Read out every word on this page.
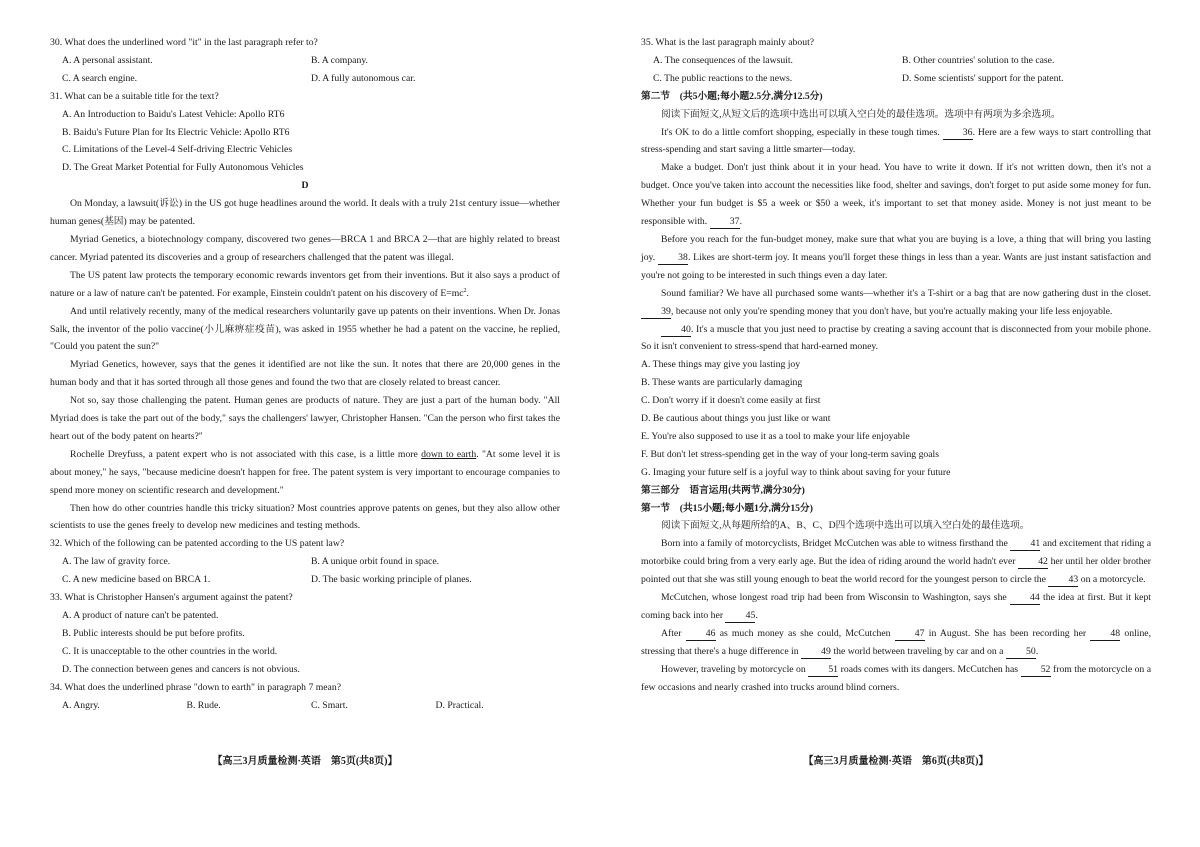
30. What does the underlined word "it" in the last paragraph refer to?

A. A personal assistant.	B. A company.
C. A search engine.	D. A fully autonomous car.

31. What can be a suitable title for the text?

A. An Introduction to Baidu's Latest Vehicle: Apollo RT6
B. Baidu's Future Plan for Its Electric Vehicle: Apollo RT6
C. Limitations of the Level-4 Self-driving Electric Vehicles
D. The Great Market Potential for Fully Autonomous Vehicles

D

On Monday, a lawsuit(诉讼) in the US got huge headlines around the world. It deals with a truly 21st century issue—whether human genes(基因) may be patented.

Myriad Genetics, a biotechnology company, discovered two genes—BRCA 1 and BRCA 2—that are highly related to breast cancer. Myriad patented its discoveries and a group of researchers challenged that the patent was illegal.

The US patent law protects the temporary economic rewards inventors get from their inventions. But it also says a product of nature or a law of nature can't be patented. For example, Einstein couldn't patent on his discovery of $E=mc^2$.

And until relatively recently, many of the medical researchers voluntarily gave up patents on their inventions. When Dr. Jonas Salk, the inventor of the polio vaccine(小儿麻痹症疫苗), was asked in 1955 whether he had a patent on the vaccine, he replied, "Could you patent the sun?"

Myriad Genetics, however, says that the genes it identified are not like the sun. It notes that there are 20,000 genes in the human body and that it has sorted through all those genes and found the two that are closely related to breast cancer.

Not so, say those challenging the patent. Human genes are products of nature. They are just a part of the human body. "All Myriad does is take the part out of the body," says the challengers' lawyer, Christopher Hansen. "Can the person who first takes the heart out of the body patent on hearts?"

Rochelle Dreyfuss, a patent expert who is not associated with this case, is a little more down to earth. "At some level it is about money," he says, "because medicine doesn't happen for free. The patent system is very important to encourage companies to spend more money on scientific research and development."

Then how do other countries handle this tricky situation? Most countries approve patents on genes, but they also allow other scientists to use the genes freely to develop new medicines and testing methods.

32. Which of the following can be patented according to the US patent law?

A. The law of gravity force.	B. A unique orbit found in space.
C. A new medicine based on BRCA 1.	D. The basic working principle of planes.

33. What is Christopher Hansen's argument against the patent?

A. A product of nature can't be patented.
B. Public interests should be put before profits.
C. It is unacceptable to the other countries in the world.
D. The connection between genes and cancers is not obvious.

34. What does the underlined phrase "down to earth" in paragraph 7 mean?

A. Angry.	B. Rude.	C. Smart.	D. Practical.
【高三3月质量检测·英语　第5页(共8页)】

35. What is the last paragraph mainly about?

A. The consequences of the lawsuit.	B. Other countries' solution to the case.
C. The public reactions to the news.	D. Some scientists' support for the patent.

第二节　(共5小题;每小题2.5分,满分12.5分)

阅读下面短文,从短文后的选项中选出可以填入空白处的最佳选项。选项中有两项为多余选项。

It's OK to do a little comfort shopping, especially in these tough times. 36. Here are a few ways to start controlling that stress-spending and start saving a little smarter—today.

Make a budget. Don't just think about it in your head. You have to write it down. If it's not written down, then it's not a budget. Once you've taken into account the necessities like food, shelter and savings, don't forget to put aside some money for fun. Whether your fun budget is $5 a week or $50 a week, it's important to set that money aside. Money is not just meant to be responsible with. 37.

Before you reach for the fun-budget money, make sure that what you are buying is a love, a thing that will bring you lasting joy. 38. Likes are short-term joy. It means you'll forget these things in less than a year. Wants are just instant satisfaction and you're not going to be interested in such things even a day later.

Sound familiar? We have all purchased some wants—whether it's a T-shirt or a bag that are now gathering dust in the closet. 39, because not only you're spending money that you don't have, but you're actually making your life less enjoyable.

40. It's a muscle that you just need to practise by creating a saving account that is disconnected from your mobile phone. So it isn't convenient to stress-spend that hard-earned money.

A. These things may give you lasting joy
B. These wants are particularly damaging
C. Don't worry if it doesn't come easily at first
D. Be cautious about things you just like or want
E. You're also supposed to use it as a tool to make your life enjoyable
F. But don't let stress-spending get in the way of your long-term saving goals
G. Imaging your future self is a joyful way to think about saving for your future

第三部分　语言运用(共两节,满分30分)

第一节　(共15小题;每小题1分,满分15分)

阅读下面短文,从每题所给的A、B、C、D四个选项中选出可以填入空白处的最佳选项。

Born into a family of motorcyclists, Bridget McCutchen was able to witness firsthand the 41 and excitement that riding a motorbike could bring from a very early age. But the idea of riding around the world hadn't ever 42 her until her older brother pointed out that she was still young enough to beat the world record for the youngest person to circle the 43 on a motorcycle.

McCutchen, whose longest road trip had been from Wisconsin to Washington, says she 44 the idea at first. But it kept coming back into her 45.

After	46 as much money as she could, McCutchen	47 in August. She has been recording her	48 online, stressing that there's a huge difference in 49 the world between traveling by car and on a 50.

However, traveling by motorcycle on 51 roads comes with its dangers. McCutchen has 52 from the motorcycle on a few occasions and nearly crashed into trucks around blind corners.

【高三3月质量检测·英语　第6页(共8页)】
